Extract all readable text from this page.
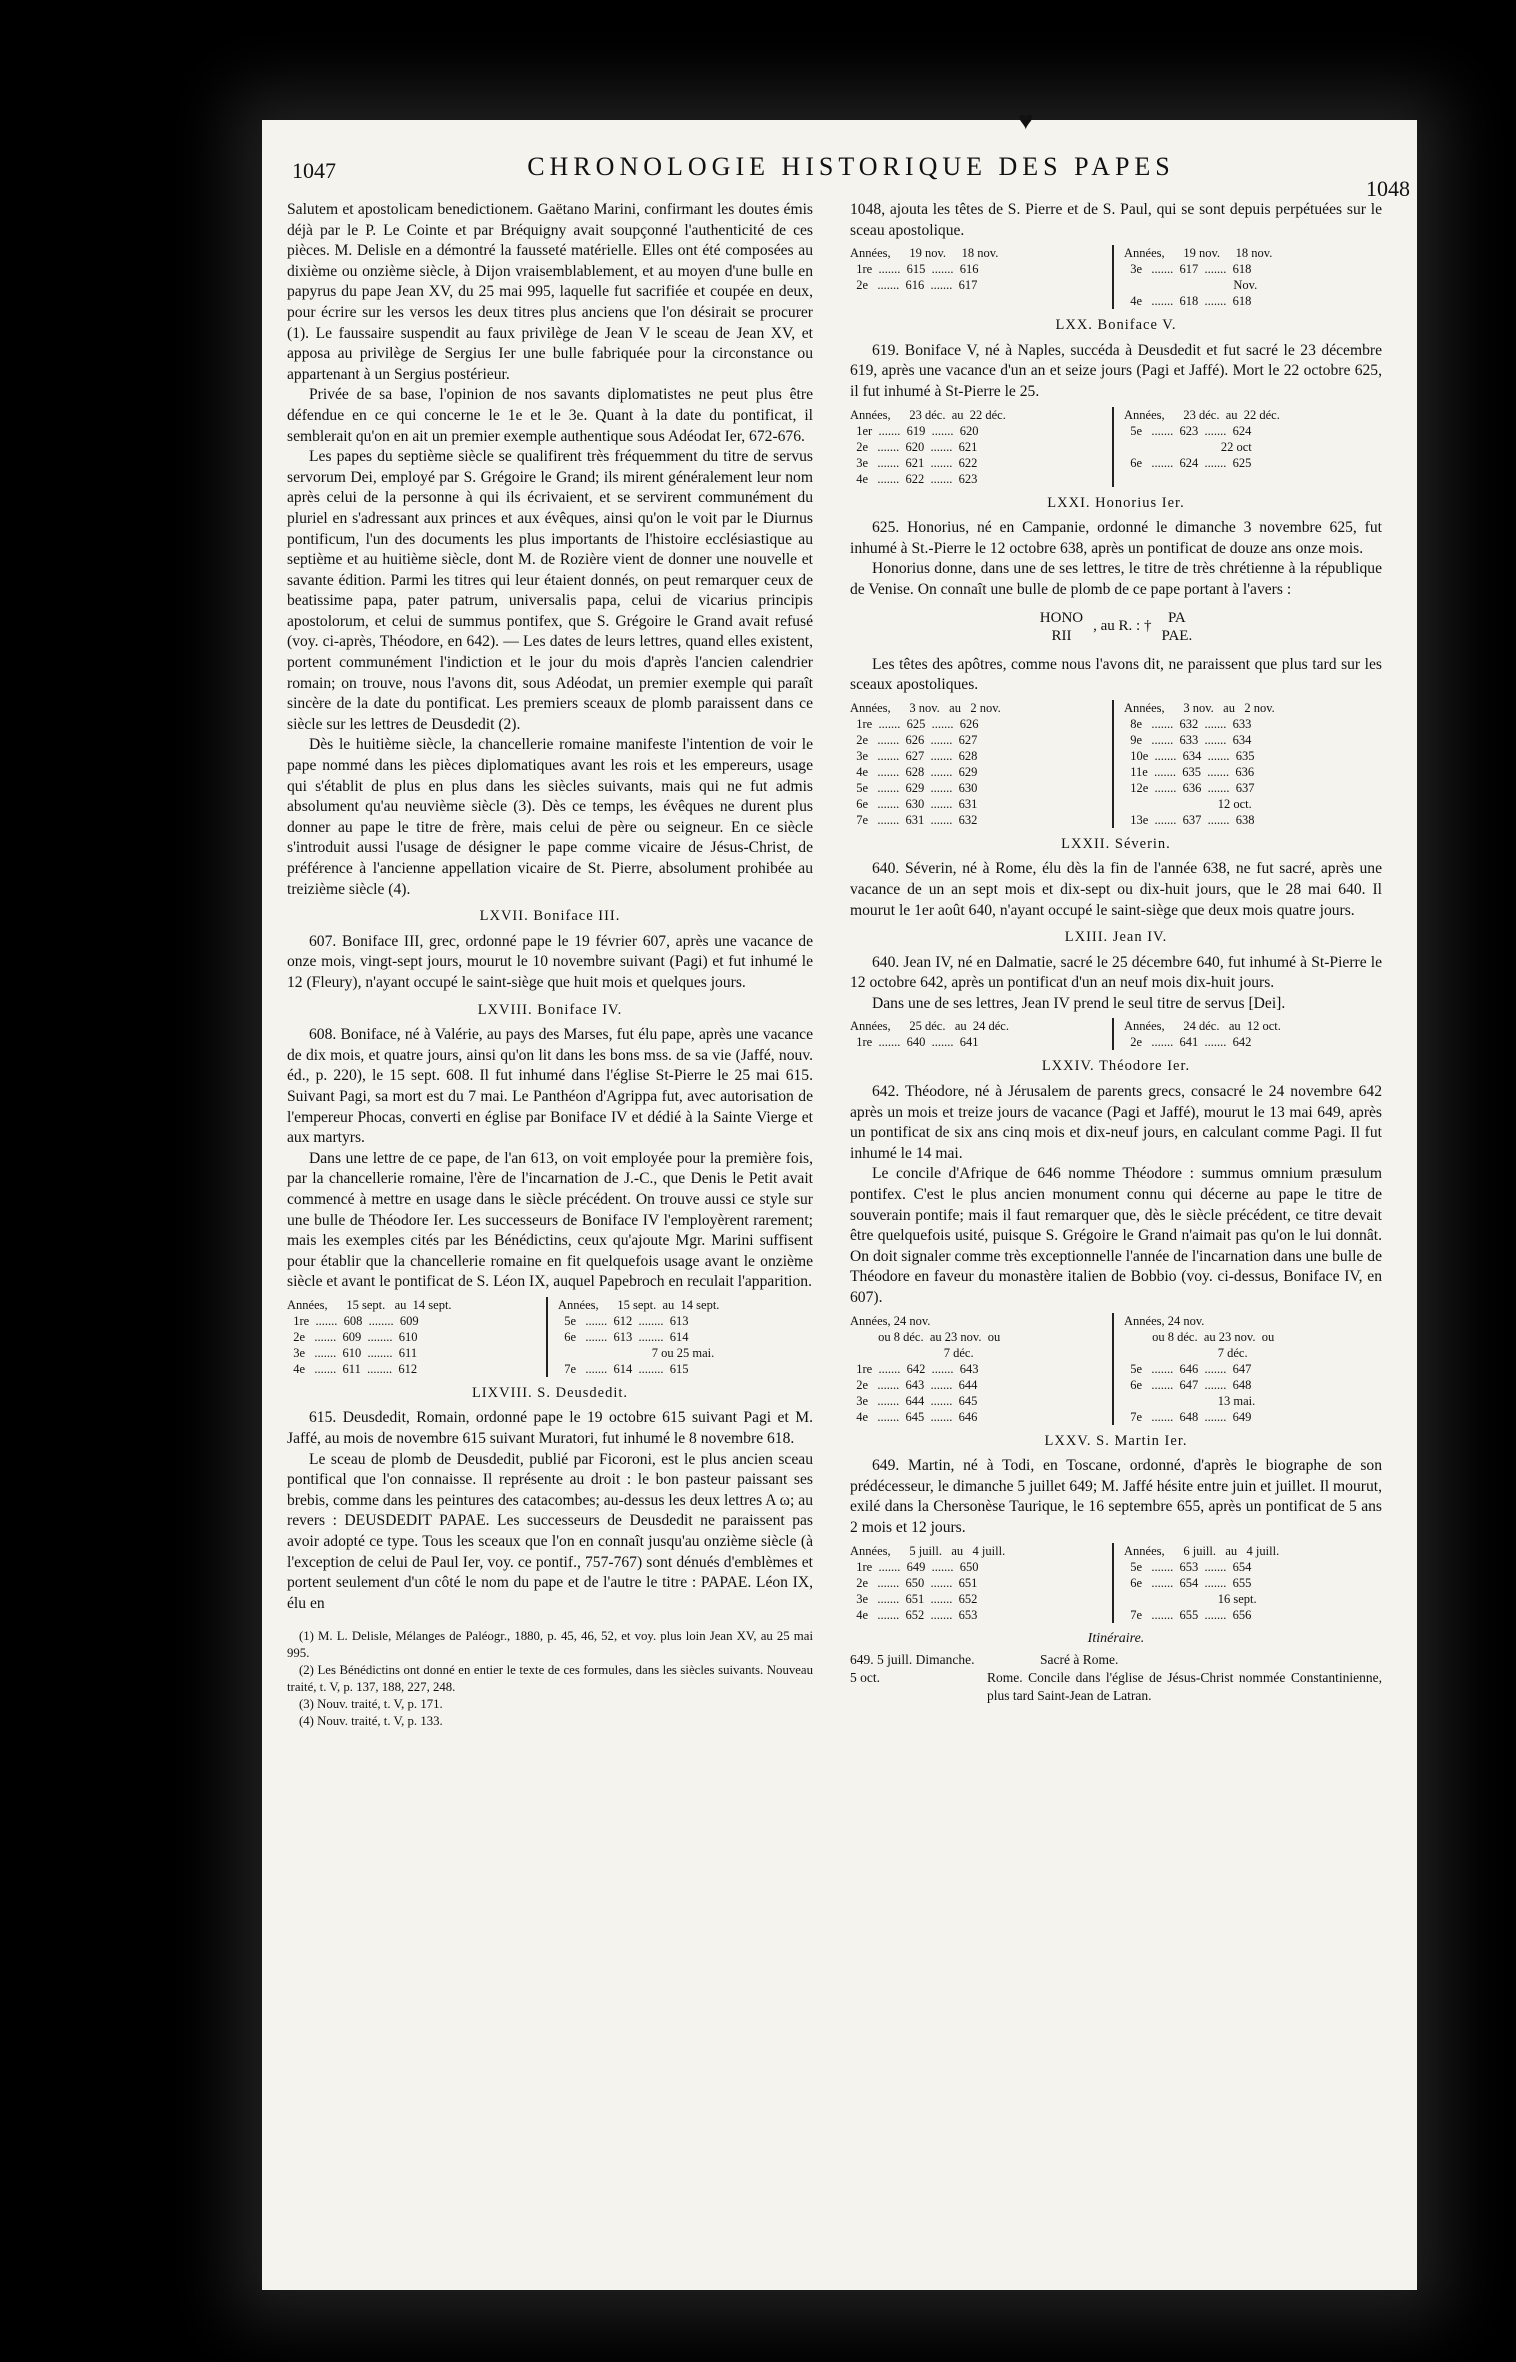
♥
1047	CHRONOLOGIE HISTORIQUE DES PAPES
1048

Salutem et apostolicam benedictionem. Gaëtano Marini, confirmant les doutes émis déjà par le P. Le Cointe et par Bréquigny avait soupçonné l'authenticité de ces pièces. M. Delisle en a démontré la fausseté matérielle. Elles ont été composées au dixième ou onzième siècle, à Dijon vraisemblablement, et au moyen d'une bulle en papyrus du pape Jean XV, du 25 mai 995, laquelle fut sacrifiée et coupée en deux, pour écrire sur les versos les deux titres plus anciens que l'on désirait se procurer (1). Le faussaire suspendit au faux privilège de Jean V le sceau de Jean XV, et apposa au privilège de Sergius Ier une bulle fabriquée pour la circonstance ou appartenant à un Sergius postérieur.

Privée de sa base, l'opinion de nos savants diplomatistes ne peut plus être défendue en ce qui concerne le 1e et le 3e. Quant à la date du pontificat, il semblerait qu'on en ait un premier exemple authentique sous Adéodat Ier, 672-676.

Les papes du septième siècle se qualifirent très fréquemment du titre de servus servorum Dei, employé par S. Grégoire le Grand; ils mirent généralement leur nom après celui de la personne à qui ils écrivaient, et se servirent communément du pluriel en s'adressant aux princes et aux évêques, ainsi qu'on le voit par le Diurnus pontificum, l'un des documents les plus importants de l'histoire ecclésiastique au septième et au huitième siècle, dont M. de Rozière vient de donner une nouvelle et savante édition. Parmi les titres qui leur étaient donnés, on peut remarquer ceux de beatissime papa, pater patrum, universalis papa, celui de vicarius principis apostolorum, et celui de summus pontifex, que S. Grégoire le Grand avait refusé (voy. ci-après, Théodore, en 642). — Les dates de leurs lettres, quand elles existent, portent communément l'indiction et le jour du mois d'après l'ancien calendrier romain; on trouve, nous l'avons dit, sous Adéodat, un premier exemple qui paraît sincère de la date du pontificat. Les premiers sceaux de plomb paraissent dans ce siècle sur les lettres de Deusdedit (2).

Dès le huitième siècle, la chancellerie romaine manifeste l'intention de voir le pape nommé dans les pièces diplomatiques avant les rois et les empereurs, usage qui s'établit de plus en plus dans les siècles suivants, mais qui ne fut admis absolument qu'au neuvième siècle (3). Dès ce temps, les évêques ne durent plus donner au pape le titre de frère, mais celui de père ou seigneur. En ce siècle s'introduit aussi l'usage de désigner le pape comme vicaire de Jésus-Christ, de préférence à l'ancienne appellation vicaire de St. Pierre, absolument prohibée au treizième siècle (4).

LXVII. Boniface III.

607. Boniface III, grec, ordonné pape le 19 février 607, après une vacance de onze mois, vingt-sept jours, mourut le 10 novembre suivant (Pagi) et fut inhumé le 12 (Fleury), n'ayant occupé le saint-siège que huit mois et quelques jours.

LXVIII. Boniface IV.

608. Boniface, né à Valérie, au pays des Marses, fut élu pape, après une vacance de dix mois, et quatre jours, ainsi qu'on lit dans les bons mss. de sa vie (Jaffé, nouv. éd., p. 220), le 15 sept. 608. Il fut inhumé dans l'église St-Pierre le 25 mai 615. Suivant Pagi, sa mort est du 7 mai. Le Panthéon d'Agrippa fut, avec autorisation de l'empereur Phocas, converti en église par Boniface IV et dédié à la Sainte Vierge et aux martyrs.

Dans une lettre de ce pape, de l'an 613, on voit employée pour la première fois, par la chancellerie romaine, l'ère de l'incarnation de J.-C., que Denis le Petit avait commencé à mettre en usage dans le siècle précédent. On trouve aussi ce style sur une bulle de Théodore Ier. Les successeurs de Boniface IV l'employèrent rarement; mais les exemples cités par les Bénédictins, ceux qu'ajoute Mgr. Marini suffisent pour établir que la chancellerie romaine en fit quelquefois usage avant le onzième siècle et avant le pontificat de S. Léon IX, auquel Papebroch en reculait l'apparition.

Années,      15 sept.   au  14 sept.
1re  .......  608  ........  609
2e   .......  609  ........  610
3e   .......  610  ........  611
4e   .......  611  ........  612
Années,      15 sept.  au  14 sept.
5e   .......  612  ........  613
6e   .......  613  ........  614
7 ou 25 mai.
7e   .......  614  ........  615
LIXVIII. S. Deusdedit.

615. Deusdedit, Romain, ordonné pape le 19 octobre 615 suivant Pagi et M. Jaffé, au mois de novembre 615 suivant Muratori, fut inhumé le 8 novembre 618.

Le sceau de plomb de Deusdedit, publié par Ficoroni, est le plus ancien sceau pontifical que l'on connaisse. Il représente au droit : le bon pasteur paissant ses brebis, comme dans les peintures des catacombes; au-dessus les deux lettres A ω; au revers : DEUSDEDIT PAPAE. Les successeurs de Deusdedit ne paraissent pas avoir adopté ce type. Tous les sceaux que l'on en connaît jusqu'au onzième siècle (à l'exception de celui de Paul Ier, voy. ce pontif., 757-767) sont dénués d'emblèmes et portent seulement d'un côté le nom du pape et de l'autre le titre : PAPAE. Léon IX, élu en

(1) M. L. Delisle, Mélanges de Paléogr., 1880, p. 45, 46, 52, et voy. plus loin Jean XV, au 25 mai 995.

(2) Les Bénédictins ont donné en entier le texte de ces formules, dans les siècles suivants. Nouveau traité, t. V, p. 137, 188, 227, 248.

(3) Nouv. traité, t. V, p. 171.

(4) Nouv. traité, t. V, p. 133.

1048, ajouta les têtes de S. Pierre et de S. Paul, qui se sont depuis perpétuées sur le sceau apostolique.

Années,      19 nov.     18 nov.
1re  .......  615  .......  616
2e   .......  616  .......  617
Années,      19 nov.     18 nov.
3e   .......  617  .......  618
Nov.
4e   .......  618  .......  618
LXX. Boniface V.

619. Boniface V, né à Naples, succéda à Deusdedit et fut sacré le 23 décembre 619, après une vacance d'un an et seize jours (Pagi et Jaffé). Mort le 22 octobre 625, il fut inhumé à St-Pierre le 25.

Années,      23 déc.  au  22 déc.
1er  .......  619  .......  620
2e   .......  620  .......  621
3e   .......  621  .......  622
4e   .......  622  .......  623
Années,      23 déc.  au  22 déc.
5e   .......  623  .......  624
22 oct
6e   .......  624  .......  625
LXXI. Honorius Ier.

625. Honorius, né en Campanie, ordonné le dimanche 3 novembre 625, fut inhumé à St.-Pierre le 12 octobre 638, après un pontificat de douze ans onze mois.

Honorius donne, dans une de ses lettres, le titre de très chrétienne à la république de Venise. On connaît une bulle de plomb de ce pape portant à l'avers :

HONO
RII
, au R. : †
PA
PAE.

Les têtes des apôtres, comme nous l'avons dit, ne paraissent que plus tard sur les sceaux apostoliques.

Années,      3 nov.   au   2 nov.
1re  .......  625  .......  626
2e   .......  626  .......  627
3e   .......  627  .......  628
4e   .......  628  .......  629
5e   .......  629  .......  630
6e   .......  630  .......  631
7e   .......  631  .......  632
Années,      3 nov.   au   2 nov.
8e   .......  632  .......  633
9e   .......  633  .......  634
10e  .......  634  .......  635
11e  .......  635  .......  636
12e  .......  636  .......  637
12 oct.
13e  .......  637  .......  638
LXXII. Séverin.

640. Séverin, né à Rome, élu dès la fin de l'année 638, ne fut sacré, après une vacance de un an sept mois et dix-sept ou dix-huit jours, que le 28 mai 640. Il mourut le 1er août 640, n'ayant occupé le saint-siège que deux mois quatre jours.

LXIII. Jean IV.

640. Jean IV, né en Dalmatie, sacré le 25 décembre 640, fut inhumé à St-Pierre le 12 octobre 642, après un pontificat d'un an neuf mois dix-huit jours.

Dans une de ses lettres, Jean IV prend le seul titre de servus [Dei].

Années,      25 déc.   au  24 déc.
1re  .......  640  .......  641
Années,      24 déc.   au  12 oct.
2e   .......  641  .......  642
LXXIV. Théodore Ier.

642. Théodore, né à Jérusalem de parents grecs, consacré le 24 novembre 642 après un mois et treize jours de vacance (Pagi et Jaffé), mourut le 13 mai 649, après un pontificat de six ans cinq mois et dix-neuf jours, en calculant comme Pagi. Il fut inhumé le 14 mai.

Le concile d'Afrique de 646 nomme Théodore : summus omnium præsulum pontifex. C'est le plus ancien monument connu qui décerne au pape le titre de souverain pontife; mais il faut remarquer que, dès le siècle précédent, ce titre devait être quelquefois usité, puisque S. Grégoire le Grand n'aimait pas qu'on le lui donnât. On doit signaler comme très exceptionnelle l'année de l'incarnation dans une bulle de Théodore en faveur du monastère italien de Bobbio (voy. ci-dessus, Boniface IV, en 607).

Années, 24 nov.
ou 8 déc.  au 23 nov.  ou
7 déc.
1re  .......  642  .......  643
2e   .......  643  .......  644
3e   .......  644  .......  645
4e   .......  645  .......  646
Années, 24 nov.
ou 8 déc.  au 23 nov.  ou
7 déc.
5e   .......  646  .......  647
6e   .......  647  .......  648
13 mai.
7e   .......  648  .......  649
LXXV. S. Martin Ier.

649. Martin, né à Todi, en Toscane, ordonné, d'après le biographe de son prédécesseur, le dimanche 5 juillet 649; M. Jaffé hésite entre juin et juillet. Il mourut, exilé dans la Chersonèse Taurique, le 16 septembre 655, après un pontificat de 5 ans 2 mois et 12 jours.

Années,      5 juill.   au   4 juill.
1re  .......  649  .......  650
2e   .......  650  .......  651
3e   .......  651  .......  652
4e   .......  652  .......  653
Années,      6 juill.   au   4 juill.
5e   .......  653  .......  654
6e   .......  654  .......  655
16 sept.
7e   .......  655  .......  656
Itinéraire.
649. 5 juill. Dimanche.	Sacré à Rome.
5 oct.	Rome. Concile dans l'église de Jésus-Christ nommée Constantinienne, plus tard Saint-Jean de Latran.
